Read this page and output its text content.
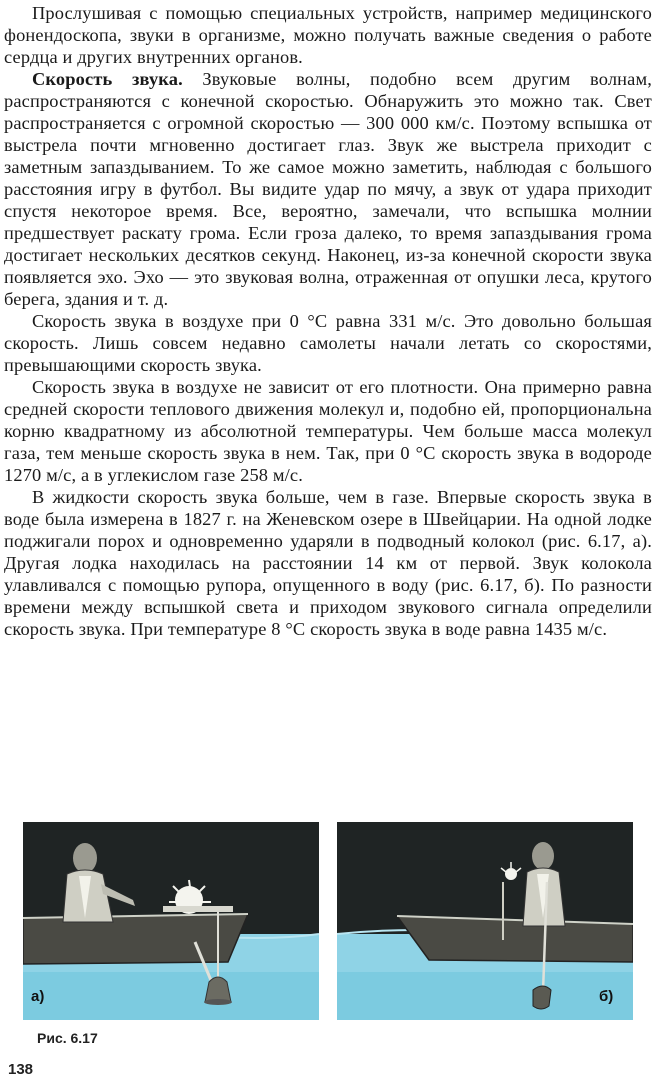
Прослушивая с помощью специальных устройств, например медицинского фонендоскопа, звуки в организме, можно получать важные сведения о работе сердца и других внутренних органов.

Скорость звука. Звуковые волны, подобно всем другим волнам, распространяются с конечной скоростью. Обнаружить это можно так. Свет распространяется с огромной скоростью — 300 000 км/с. Поэтому вспышка от выстрела почти мгновенно достигает глаз. Звук же выстрела приходит с заметным запаздыванием. То же самое можно заметить, наблюдая с большого расстояния игру в футбол. Вы видите удар по мячу, а звук от удара приходит спустя некоторое время. Все, вероятно, замечали, что вспышка молнии предшествует раскату грома. Если гроза далеко, то время запаздывания грома достигает нескольких десятков секунд. Наконец, из-за конечной скорости звука появляется эхо. Эхо — это звуковая волна, отраженная от опушки леса, крутого берега, здания и т. д.

Скорость звука в воздухе при 0 °С равна 331 м/с. Это довольно большая скорость. Лишь совсем недавно самолеты начали летать со скоростями, превышающими скорость звука.

Скорость звука в воздухе не зависит от его плотности. Она примерно равна средней скорости теплового движения молекул и, подобно ей, пропорциональна корню квадратному из абсолютной температуры. Чем больше масса молекул газа, тем меньше скорость звука в нем. Так, при 0 °С скорость звука в водороде 1270 м/с, а в углекислом газе 258 м/с.

В жидкости скорость звука больше, чем в газе. Впервые скорость звука в воде была измерена в 1827 г. на Женевском озере в Швейцарии. На одной лодке поджигали порох и одновременно ударяли в подводный колокол (рис. 6.17, а). Другая лодка находилась на расстоянии 14 км от первой. Звук колокола улавливался с помощью рупора, опущенного в воду (рис. 6.17, б). По разности времени между вспышкой света и приходом звукового сигнала определили скорость звука. При температуре 8 °С скорость звука в воде равна 1435 м/с.

а)	б)
Рис. 6.17
138
